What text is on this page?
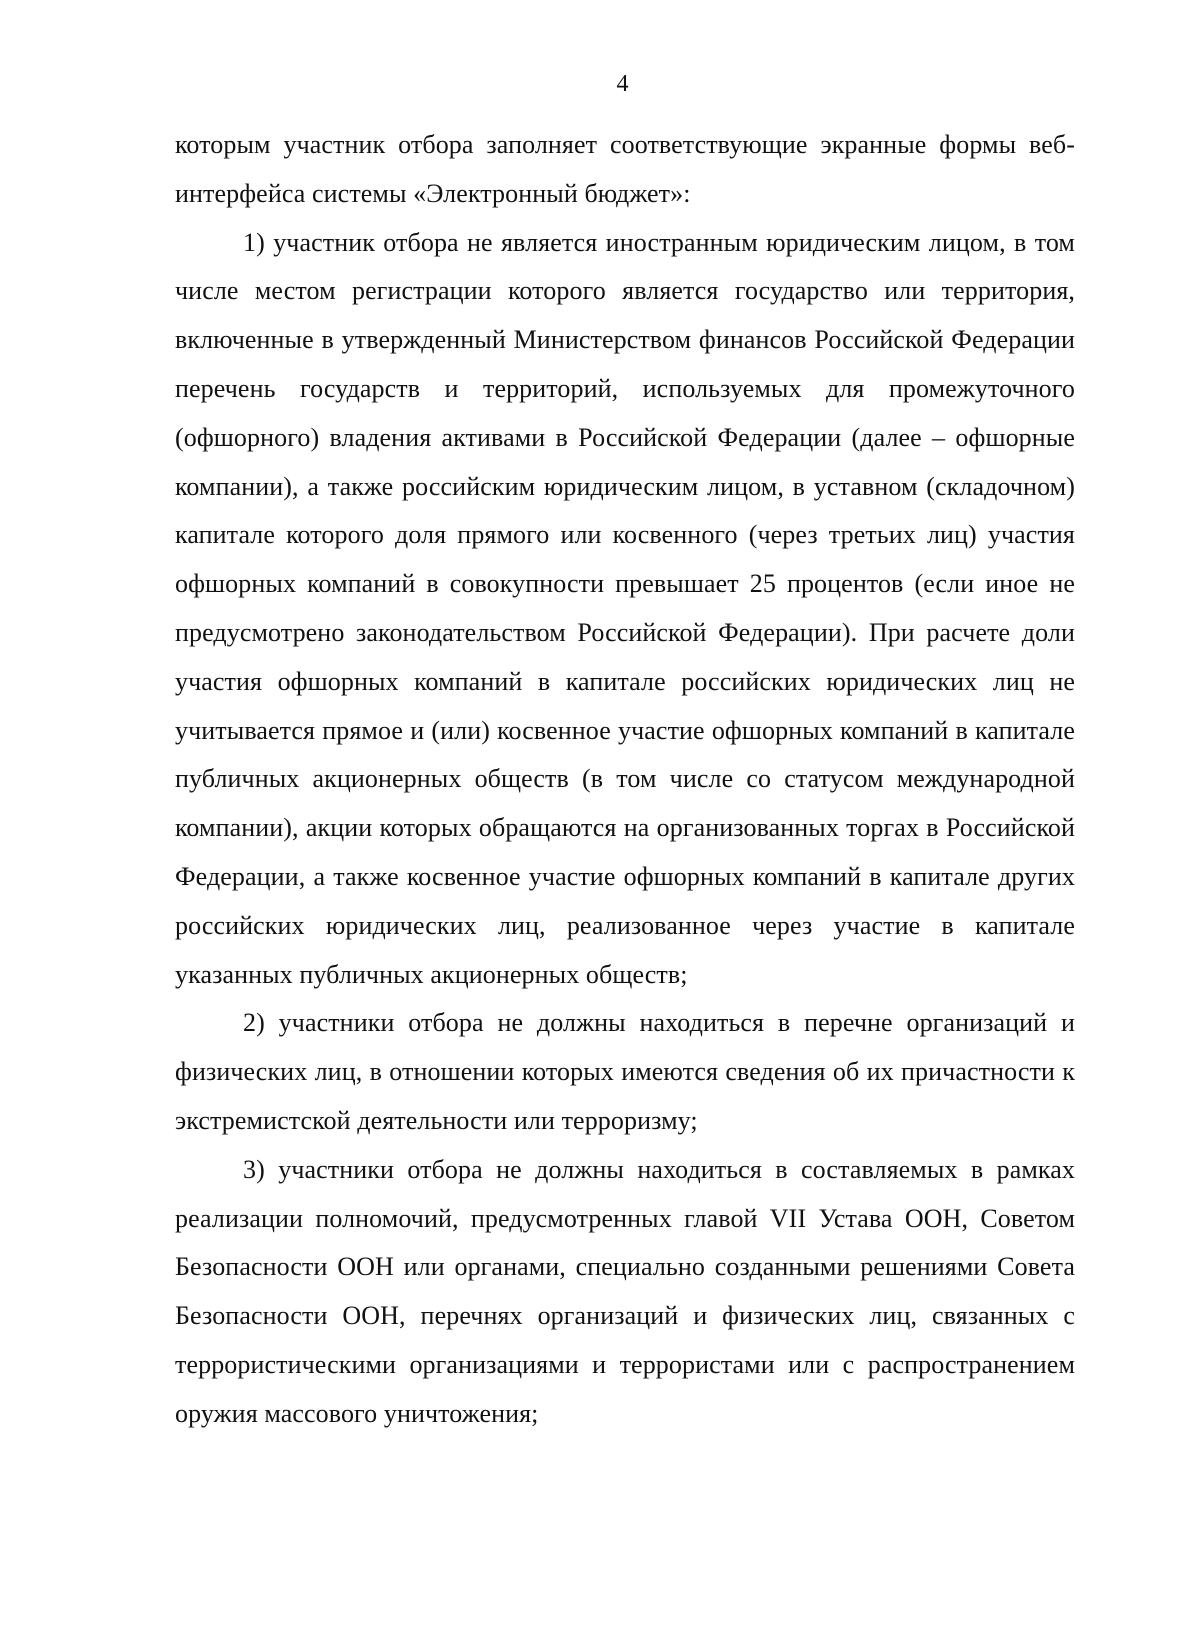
4

которым участник отбора заполняет соответствующие экранные формы веб-интерфейса системы «Электронный бюджет»:

1) участник отбора не является иностранным юридическим лицом, в том числе местом регистрации которого является государство или территория, включенные в утвержденный Министерством финансов Российской Федерации перечень государств и территорий, используемых для промежуточного (офшорного) владения активами в Российской Федерации (далее – офшорные компании), а также российским юридическим лицом, в уставном (складочном) капитале которого доля прямого или косвенного (через третьих лиц) участия офшорных компаний в совокупности превышает 25 процентов (если иное не предусмотрено законодательством Российской Федерации). При расчете доли участия офшорных компаний в капитале российских юридических лиц не учитывается прямое и (или) косвенное участие офшорных компаний в капитале публичных акционерных обществ (в том числе со статусом международной компании), акции которых обращаются на организованных торгах в Российской Федерации, а также косвенное участие офшорных компаний в капитале других российских юридических лиц, реализованное через участие в капитале указанных публичных акционерных обществ;

2) участники отбора не должны находиться в перечне организаций и физических лиц, в отношении которых имеются сведения об их причастности к экстремистской деятельности или терроризму;

3) участники отбора не должны находиться в составляемых в рамках реализации полномочий, предусмотренных главой VII Устава ООН, Советом Безопасности ООН или органами, специально созданными решениями Совета Безопасности ООН, перечнях организаций и физических лиц, связанных с террористическими организациями и террористами или с распространением оружия массового уничтожения;
